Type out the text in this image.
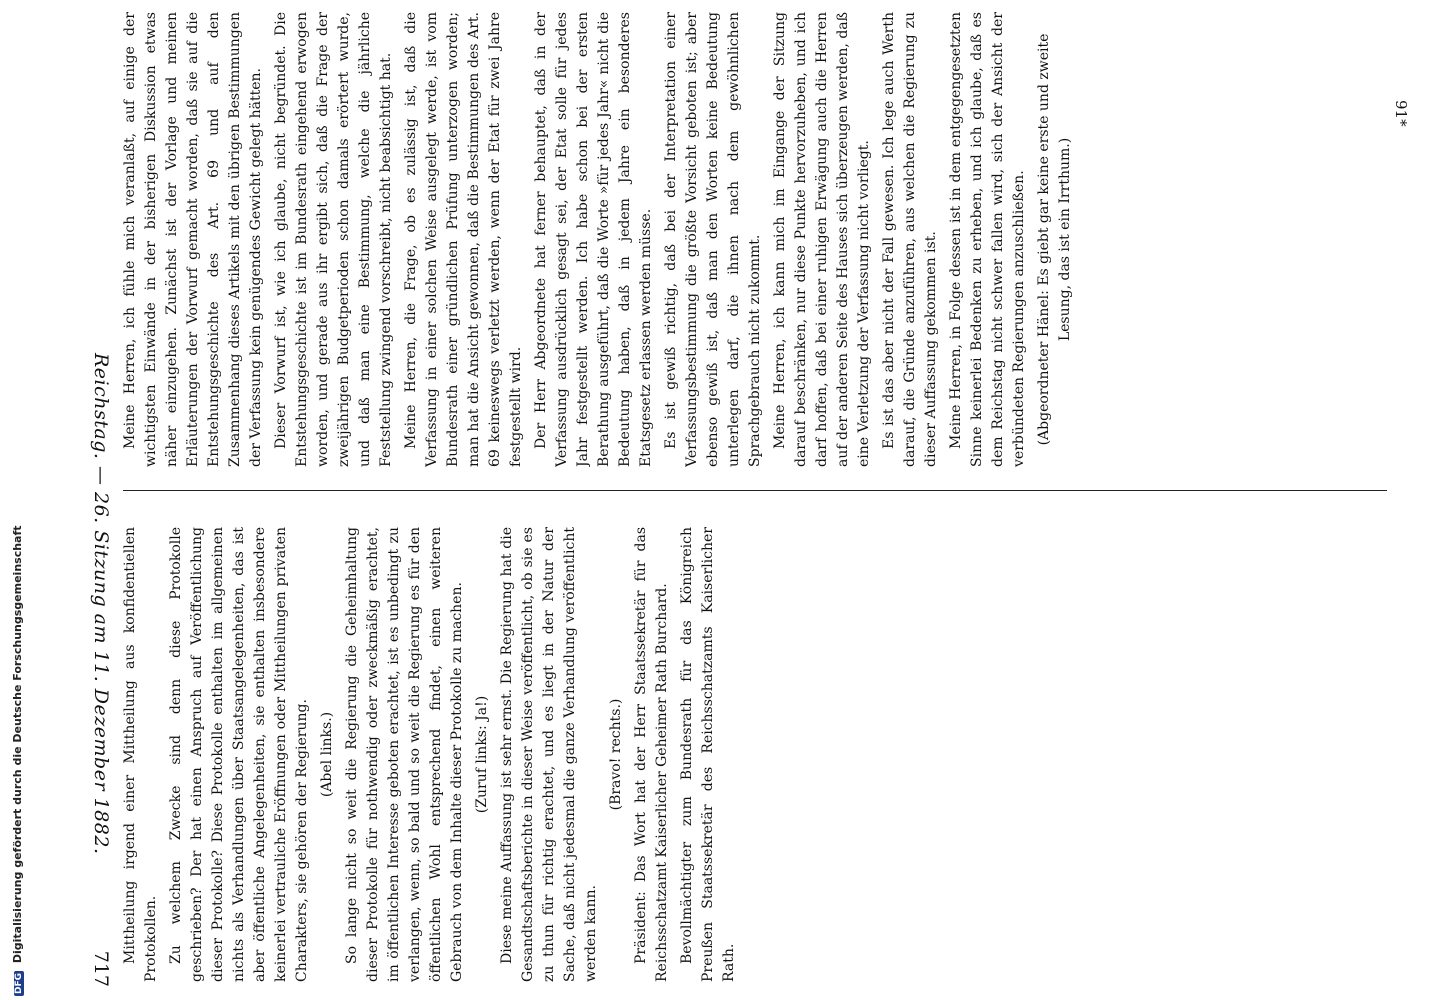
DFG Digitalisierung gefördert durch die Deutsche Forschungsgemeinschaft	Reichstag. — 26. Sitzung am 11. Dezember 1882.
717

Mittheilung irgend einer Mittheilung aus konfidentiellen Protokollen. Zu welchem Zwecke sind denn diese Protokolle geschrieben? Der hat einen Anspruch auf Veröffentlichung dieser Protokolle? Diese Protokolle enthalten im allgemeinen nichts als Verhandlungen über Staatsangelegenheiten, das ist aber öffentliche Angelegenheiten, sie enthalten insbesondere keinerlei vertrauliche Eröffnungen oder Mittheilungen privaten Charakters, sie gehören der Regierung. (Abel links.) So lange nicht so weit die Regierung die Geheimhaltung dieser Protokolle für nothwendig oder zweckmäßig erachtet, im öffentlichen Interesse geboten erachtet, ist es unbedingt zu verlangen, wenn, so bald und so weit die Regierung es für den öffentlichen Wohl entsprechend findet, einen weiteren Gebrauch von dem Inhalte dieser Protokolle zu machen. (Zuruf links: Ja!) Diese meine Auffassung ist sehr ernst. Die Regierung hat die Gesandtschaftsberichte in dieser Weise veröffentlicht, ob sie es zu thun für richtig erachtet, und es liegt in der Natur der Sache, daß nicht jedesmal die ganze Verhandlung veröffentlicht werden kann.

(Bravo! rechts.) Präsident: Das Wort hat der Herr Staatssekretär für das Reichsschatzamt Kaiserlicher Geheimer Rath Burchard. Bevollmächtigter zum Bundesrath für das Königreich Preußen Staatssekretär des Reichsschatzamts Kaiserlicher Rath.

Meine Herren, ich fühle mich veranlaßt, auf einige der wichtigsten Einwände in der bisherigen Diskussion etwas näher einzugehen. Zunächst ist der Vorlage und meinen Erläuterungen der Vorwurf gemacht worden, daß sie auf die Entstehungsgeschichte des Art. 69 und auf den Zusammenhang dieses Artikels mit den übrigen Bestimmungen der Verfassung kein genügendes Gewicht gelegt hätten. Dieser Vorwurf ist, wie ich glaube, nicht begründet. Die Entstehungsgeschichte ist im Bundesrath eingehend erwogen worden, und gerade aus ihr ergibt sich, daß die Frage der zweijährigen Budgetperioden schon damals erörtert wurde, und daß man eine Bestimmung, welche die jährliche Feststellung zwingend vorschreibt, nicht beabsichtigt hat. Meine Herren, die Frage, ob es zulässig ist, daß die Verfassung in einer solchen Weise ausgelegt werde, ist vom Bundesrath einer gründlichen Prüfung unterzogen worden; man hat die Ansicht gewonnen, daß die Bestimmungen des Art. 69 keineswegs verletzt werden, wenn der Etat für zwei Jahre festgestellt wird. Der Herr Abgeordnete hat ferner behauptet, daß in der Verfassung ausdrücklich gesagt sei, der Etat solle für jedes Jahr festgestellt werden. Ich habe schon bei der ersten Berathung ausgeführt, daß die Worte »für jedes Jahr« nicht die Bedeutung haben, daß in jedem Jahre ein besonderes Etatsgesetz erlassen werden müsse. Es ist gewiß richtig, daß bei der Interpretation einer Verfassungsbestimmung die größte Vorsicht geboten ist; aber ebenso gewiß ist, daß man den Worten keine Bedeutung unterlegen darf, die ihnen nach dem gewöhnlichen Sprachgebrauch nicht zukommt. Meine Herren, ich kann mich im Eingange der Sitzung darauf beschränken, nur diese Punkte hervorzuheben, und ich darf hoffen, daß bei einer ruhigen Erwägung auch die Herren auf der anderen Seite des Hauses sich überzeugen werden, daß eine Verletzung der Verfassung nicht vorliegt. Es ist das aber nicht der Fall gewesen. Ich lege auch Werth darauf, die Gründe anzuführen, aus welchen die Regierung zu dieser Auffassung gekommen ist. Meine Herren, in Folge dessen ist in dem entgegengesetzten Sinne keinerlei Bedenken zu erheben, und ich glaube, daß es dem Reichstag nicht schwer fallen wird, sich der Ansicht der verbündeten Regierungen anzuschließen. (Abgeordneter Hänel: Es giebt gar keine erste und zweite Lesung, das ist ein Irrthum.)

91*
